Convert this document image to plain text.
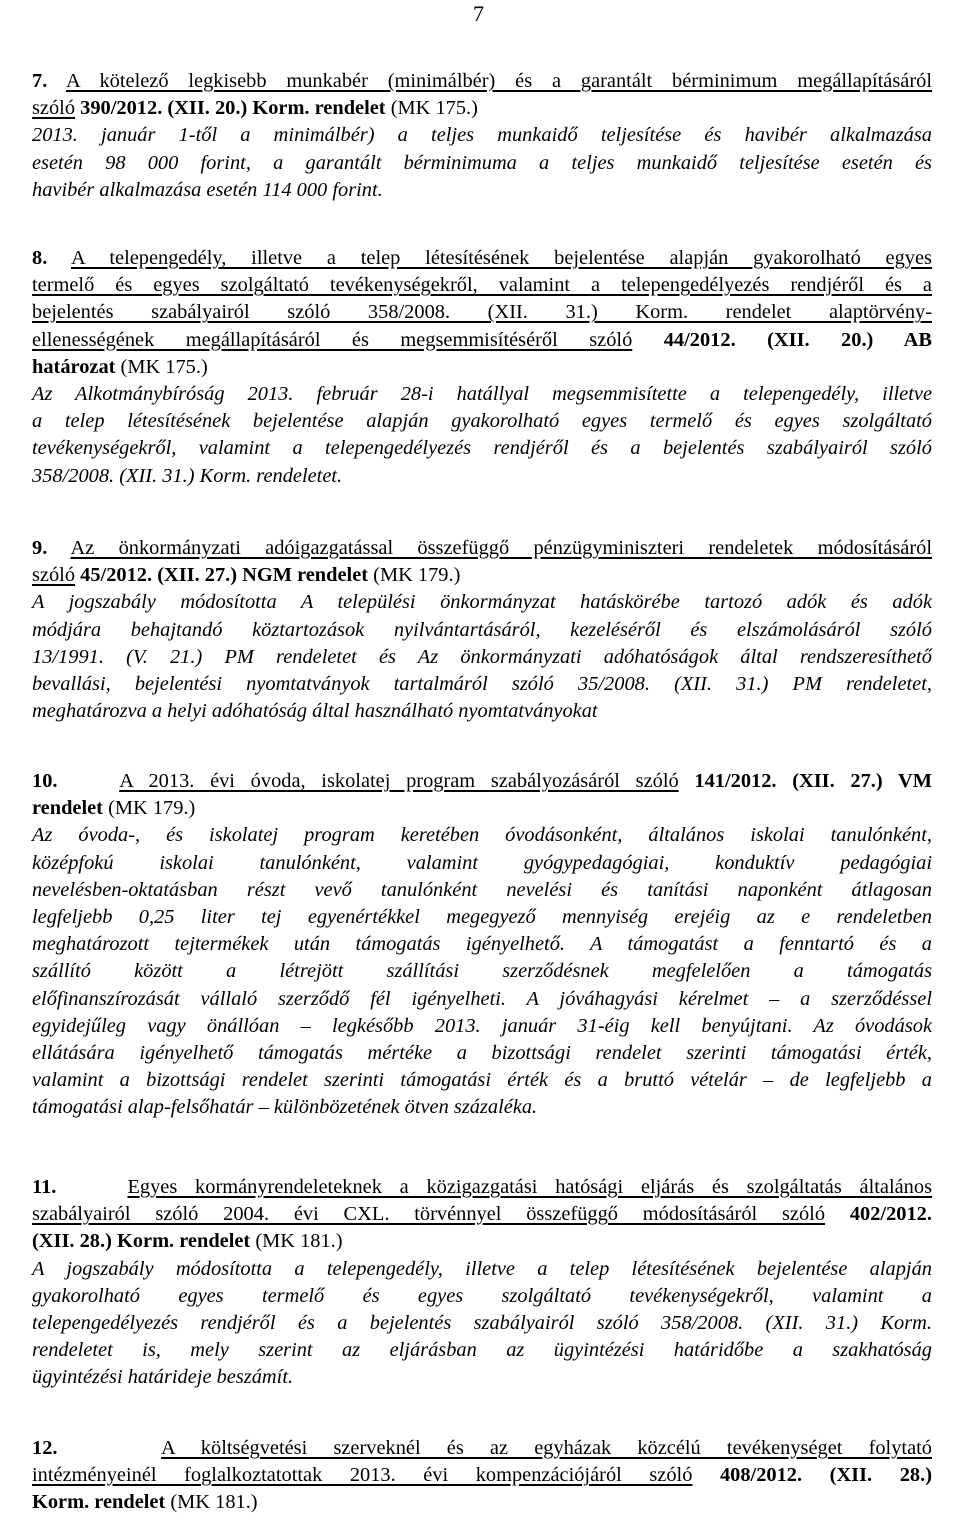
7
7. A kötelező legkisebb munkabér (minimálbér) és a garantált bérminimum megállapításáról
szóló 390/2012. (XII. 20.) Korm. rendelet (MK 175.)
2013. január 1-től a minimálbér) a teljes munkaidő teljesítése és havibér alkalmazása
esetén 98 000 forint, a garantált bérminimuma a teljes munkaidő teljesítése esetén és
havibér alkalmazása esetén 114 000 forint.
8. A telepengedély, illetve a telep létesítésének bejelentése alapján gyakorolható egyes
termelő és egyes szolgáltató tevékenységekről, valamint a telepengedélyezés rendjéről és a
bejelentés szabályairól szóló 358/2008. (XII. 31.) Korm. rendelet alaptörvény-
ellenességének megállapításáról és megsemmisítéséről szóló 44/2012. (XII. 20.) AB
határozat (MK 175.)
Az Alkotmánybíróság 2013. február 28-i hatállyal megsemmisítette a telepengedély, illetve
a telep létesítésének bejelentése alapján gyakorolható egyes termelő és egyes szolgáltató
tevékenységekről, valamint a telepengedélyezés rendjéről és a bejelentés szabályairól szóló
358/2008. (XII. 31.) Korm. rendeletet.
9. Az önkormányzati adóigazgatással összefüggő pénzügyminiszteri rendeletek módosításáról
szóló 45/2012. (XII. 27.) NGM rendelet (MK 179.)
A jogszabály módosította A települési önkormányzat hatáskörébe tartozó adók és adók
módjára behajtandó köztartozások nyilvántartásáról, kezeléséről és elszámolásáról szóló
13/1991. (V. 21.) PM rendeletet és Az önkormányzati adóhatóságok által rendszeresíthető
bevallási, bejelentési nyomtatványok tartalmáról szóló 35/2008. (XII. 31.) PM rendeletet,
meghatározva a helyi adóhatóság által használható nyomtatványokat
10.	A 2013. évi óvoda, iskolatej program szabályozásáról szóló 141/2012. (XII. 27.) VM
rendelet (MK 179.)
Az óvoda-, és iskolatej program keretében óvodásonként, általános iskolai tanulónként,
középfokú iskolai tanulónként, valamint gyógypedagógiai, konduktív pedagógiai
nevelésben-oktatásban részt vevő tanulónként nevelési és tanítási naponként átlagosan
legfeljebb 0,25 liter tej egyenértékkel megegyező mennyiség erejéig az e rendeletben
meghatározott tejtermékek után támogatás igényelhető. A támogatást a fenntartó és a
szállító között a létrejött szállítási szerződésnek megfelelően a támogatás
előfinanszírozását vállaló szerződő fél igényelheti. A jóváhagyási kérelmet – a szerződéssel
egyidejűleg vagy önállóan – legkésőbb 2013. január 31-éig kell benyújtani. Az óvodások
ellátására igényelhető támogatás mértéke a bizottsági rendelet szerinti támogatási érték,
valamint a bizottsági rendelet szerinti támogatási érték és a bruttó vételár – de legfeljebb a
támogatási alap-felsőhatár – különbözetének ötven százaléka.
11.	Egyes kormányrendeleteknek a közigazgatási hatósági eljárás és szolgáltatás általános
szabályairól szóló 2004. évi CXL. törvénnyel összefüggő módosításáról szóló 402/2012.
(XII. 28.) Korm. rendelet (MK 181.)
A jogszabály módosította a telepengedély, illetve a telep létesítésének bejelentése alapján
gyakorolható egyes termelő és egyes szolgáltató tevékenységekről, valamint a
telepengedélyezés rendjéről és a bejelentés szabályairól szóló 358/2008. (XII. 31.) Korm.
rendeletet is, mely szerint az eljárásban az ügyintézési határidőbe a szakhatóság
ügyintézési határideje beszámít.
12.	A költségvetési szerveknél és az egyházak közcélú tevékenységet folytató
intézményeinél foglalkoztatottak 2013. évi kompenzációjáról szóló 408/2012. (XII. 28.)
Korm. rendelet (MK 181.)
